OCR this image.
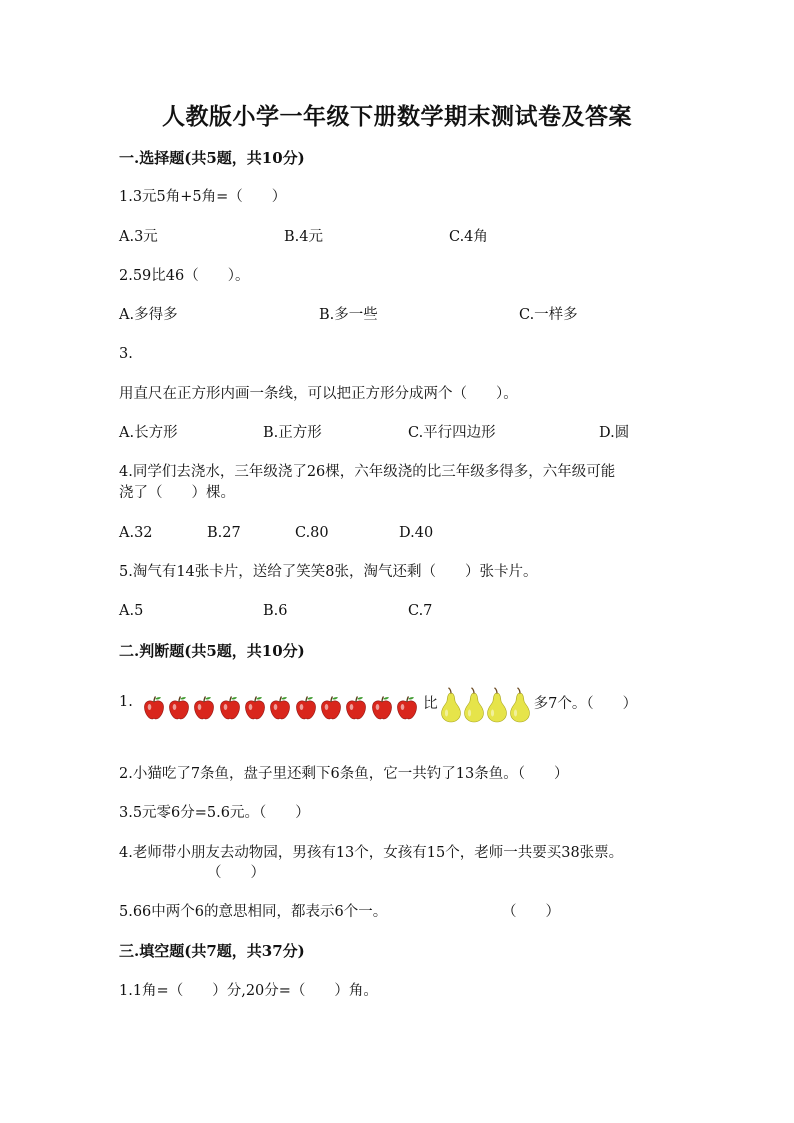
人教版小学一年级下册数学期末测试卷及答案
一.选择题(共5题，共10分)
1.3元5角+5角=（　　）
A.3元	B.4元	C.4角
2.59比46（　　）。
A.多得多	B.多一些	C.一样多
3.
用直尺在正方形内画一条线，可以把正方形分成两个（　　）。
A.长方形	B.正方形	C.平行四边形	D.圆
4.同学们去浇水，三年级浇了26棵，六年级浇的比三年级多得多，六年级可能
浇了（　　）棵。
A.32	B.27	C.80	D.40
5.淘气有14张卡片，送给了笑笑8张，淘气还剩（　　）张卡片。
A.5	B.6	C.7
二.判断题(共5题，共10分)
1.	比	多7个。（　　）
2.小猫吃了7条鱼，盘子里还剩下6条鱼，它一共钓了13条鱼。（　　）
3.5元零6分=5.6元。（　　）
4.老师带小朋友去动物园，男孩有13个，女孩有15个，老师一共要买38张票。
（　　）
5.66中两个6的意思相同，都表示6个一。	（　　）
三.填空题(共7题，共37分)
1.1角=（　　）分,20分=（　　）角。
